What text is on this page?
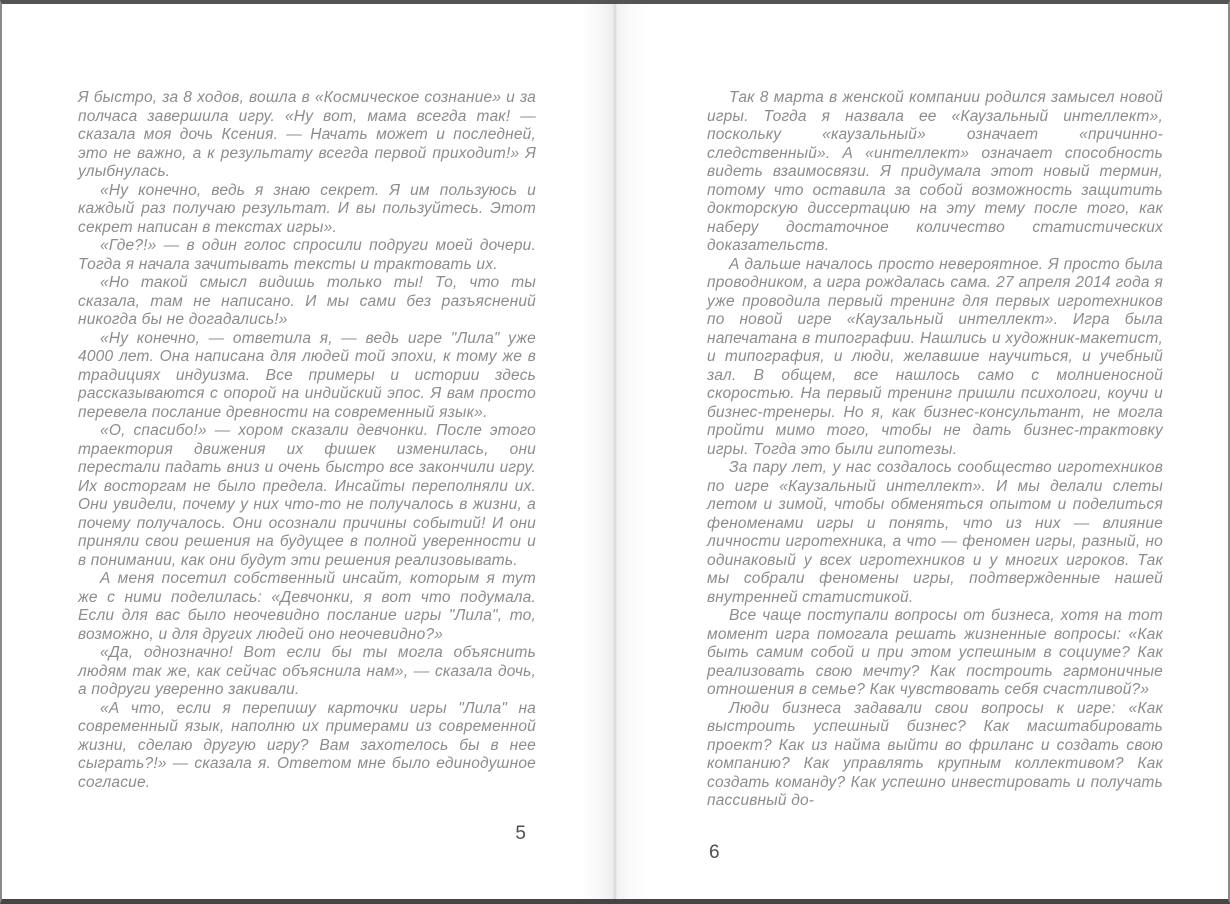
Я быстро, за 8 ходов, вошла в «Космическое сознание» и за полчаса завершила игру. «Ну вот, мама всегда так! — сказала моя дочь Ксения. — Начать может и последней, это не важно, а к результату всегда первой приходит!» Я улыбнулась.

«Ну конечно, ведь я знаю секрет. Я им пользуюсь и каждый раз получаю результат. И вы пользуйтесь. Этот секрет написан в текстах игры».

«Где?!» — в один голос спросили подруги моей дочери. Тогда я начала зачитывать тексты и трактовать их.

«Но такой смысл видишь только ты! То, что ты сказала, там не написано. И мы сами без разъяснений никогда бы не догадались!»

«Ну конечно, — ответила я, — ведь игре "Лила" уже 4000 лет. Она написана для людей той эпохи, к тому же в традициях индуизма. Все примеры и истории здесь рассказываются с опорой на индийский эпос. Я вам просто перевела послание древности на современный язык».

«О, спасибо!» — хором сказали девчонки. После этого траектория движения их фишек изменилась, они перестали падать вниз и очень быстро все закончили игру. Их восторгам не было предела. Инсайты переполняли их. Они увидели, почему у них что-то не получалось в жизни, а почему получалось. Они осознали причины событий! И они приняли свои решения на будущее в полной уверенности и в понимании, как они будут эти решения реализовывать.

А меня посетил собственный инсайт, которым я тут же с ними поделилась: «Девчонки, я вот что подумала. Если для вас было неочевидно послание игры "Лила", то, возможно, и для других людей оно неочевидно?»

«Да, однозначно! Вот если бы ты могла объяснить людям так же, как сейчас объяснила нам», — сказала дочь, а подруги уверенно закивали.

«А что, если я перепишу карточки игры "Лила" на современный язык, наполню их примерами из современной жизни, сделаю другую игру? Вам захотелось бы в нее сыграть?!» — сказала я. Ответом мне было единодушное согласие.

5

Так 8 марта в женской компании родился замысел новой игры. Тогда я назвала ее «Каузальный интеллект», поскольку «каузальный» означает «причинно-следственный». А «интеллект» означает способность видеть взаимосвязи. Я придумала этот новый термин, потому что оставила за собой возможность защитить докторскую диссертацию на эту тему после того, как наберу достаточное количество статистических доказательств.

А дальше началось просто невероятное. Я просто была проводником, а игра рождалась сама. 27 апреля 2014 года я уже проводила первый тренинг для первых игротехников по новой игре «Каузальный интеллект». Игра была напечатана в типографии. Нашлись и художник-макетист, и типография, и люди, желавшие научиться, и учебный зал. В общем, все нашлось само с молниеносной скоростью. На первый тренинг пришли психологи, коучи и бизнес-тренеры. Но я, как бизнес-консультант, не могла пройти мимо того, чтобы не дать бизнес-трактовку игры. Тогда это были гипотезы.

За пару лет, у нас создалось сообщество игротехников по игре «Каузальный интеллект». И мы делали слеты летом и зимой, чтобы обменяться опытом и поделиться феноменами игры и понять, что из них — влияние личности игротехника, а что — феномен игры, разный, но одинаковый у всех игротехников и у многих игроков. Так мы собрали феномены игры, подтвержденные нашей внутренней статистикой.

Все чаще поступали вопросы от бизнеса, хотя на тот момент игра помогала решать жизненные вопросы: «Как быть самим собой и при этом успешным в социуме? Как реализовать свою мечту? Как построить гармоничные отношения в семье? Как чувствовать себя счастливой?»

Люди бизнеса задавали свои вопросы к игре: «Как выстроить успешный бизнес? Как масштабировать проект? Как из найма выйти во фриланс и создать свою компанию? Как управлять крупным коллективом? Как создать команду? Как успешно инвестировать и получать пассивный до-

6
